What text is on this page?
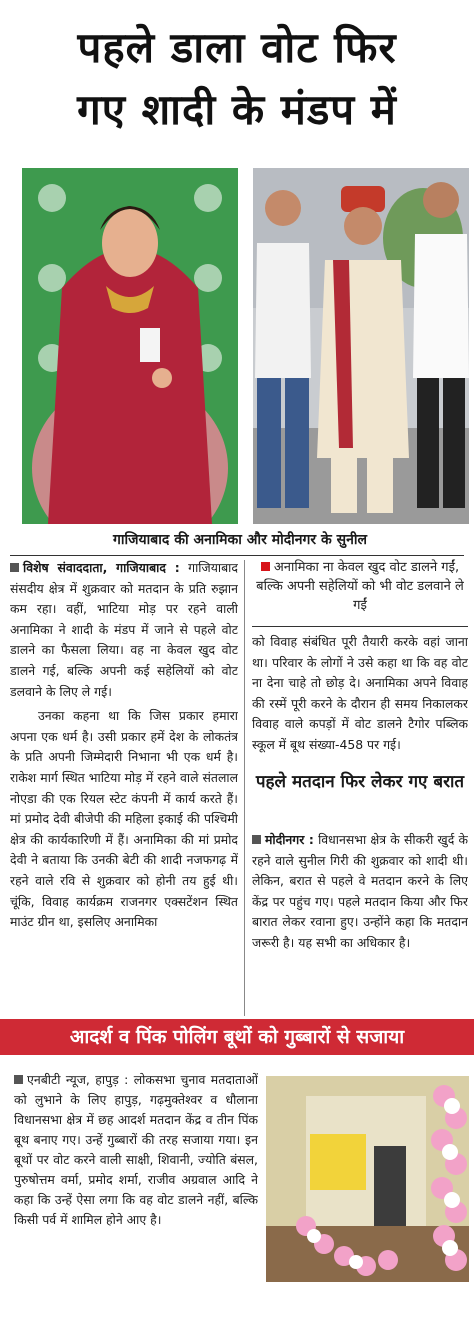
पहले डाला वोट फिर
गए शादी के मंडप में
गाजियाबाद की अनामिका और मोदीनगर के सुनील

विशेष संवाददाता, गाजियाबाद : गाजियाबाद संसदीय क्षेत्र में शुक्रवार को मतदान के प्रति रुझान कम रहा। वहीं, भाटिया मोड़ पर रहने वाली अनामिका ने शादी के मंडप में जाने से पहले वोट डालने का फैसला लिया। वह ना केवल खुद वोट डालने गई, बल्कि अपनी कई सहेलियों को वोट डलवाने के लिए ले गई।

उनका कहना था कि जिस प्रकार हमारा अपना एक धर्म है। उसी प्रकार हमें देश के लोकतंत्र के प्रति अपनी जिम्मेदारी निभाना भी एक धर्म है। राकेश मार्ग स्थित भाटिया मोड़ में रहने वाले संतलाल नोएडा की एक रियल स्टेट कंपनी में कार्य करते हैं। मां प्रमोद देवी बीजेपी की महिला इकाई की पश्चिमी क्षेत्र की कार्यकारिणी में हैं। अनामिका की मां प्रमोद देवी ने बताया कि उनकी बेटी की शादी नजफगढ़ में रहने वाले रवि से शुक्रवार को होनी तय हुई थी। चूंकि, विवाह कार्यक्रम राजनगर एक्सटेंशन स्थित माउंट ग्रीन था, इसलिए अनामिका

अनामिका ना केवल खुद वोट डालने गईं, बल्कि अपनी सहेलियों को भी वोट डलवाने ले गईं
को विवाह संबंधित पूरी तैयारी करके वहां जाना था। परिवार के लोगों ने उसे कहा था कि वह वोट ना देना चाहे तो छोड़ दे। अनामिका अपने विवाह की रस्में पूरी करने के दौरान ही समय निकालकर विवाह वाले कपड़ों में वोट डालने टैगोर पब्लिक स्कूल में बूथ संख्या-458 पर गई।
पहले मतदान फिर लेकर गए बरात
मोदीनगर : विधानसभा क्षेत्र के सीकरी खुर्द के रहने वाले सुनील गिरी की शुक्रवार को शादी थी। लेकिन, बरात से पहले वे मतदान करने के लिए केंद्र पर पहुंच गए। पहले मतदान किया और फिर बारात लेकर रवाना हुए। उन्होंने कहा कि मतदान जरूरी है। यह सभी का अधिकार है।
आदर्श व पिंक पोलिंग बूथों को गुब्बारों से सजाया
एनबीटी न्यूज, हापुड़ : लोकसभा चुनाव मतदाताओं को लुभाने के लिए हापुड़, गढ़मुक्तेश्वर व धौलाना विधानसभा क्षेत्र में छह आदर्श मतदान केंद्र व तीन पिंक बूथ बनाए गए। उन्हें गुब्बारों की तरह सजाया गया। इन बूथों पर वोट करने वाली साक्षी, शिवानी, ज्योति बंसल, पुरुषोत्तम वर्मा, प्रमोद शर्मा, राजीव अग्रवाल आदि ने कहा कि उन्हें ऐसा लगा कि वह वोट डालने नहीं, बल्कि किसी पर्व में शामिल होने आए है।
